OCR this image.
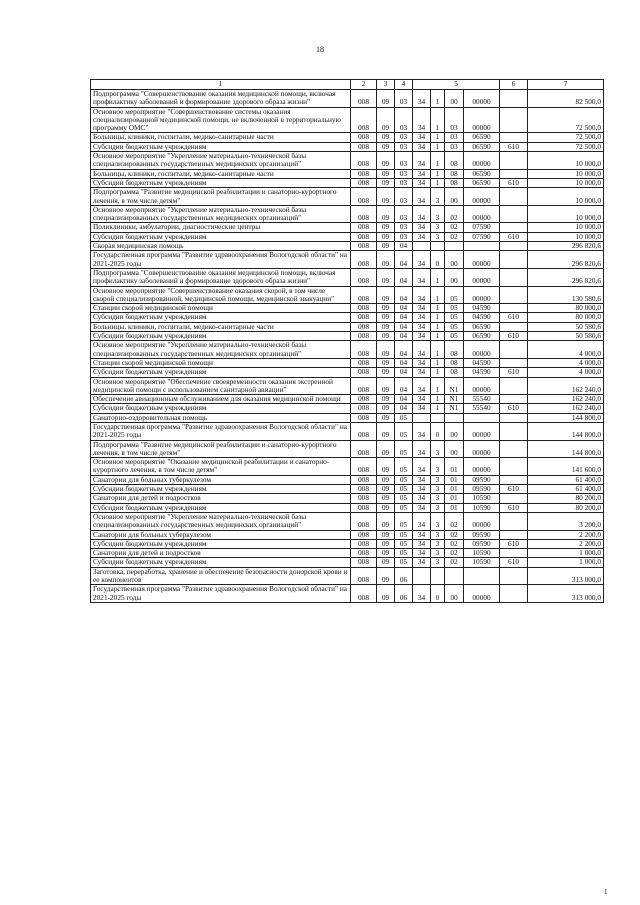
18
1	2	3	4	5				6	7
Подпрограмма "Совершенствование оказания медицинской помощи, включая профилактику заболеваний и формирование здорового образа жизни"	008	09	03	34	1	00	00000		82 500,0
Основное мероприятие "Совершенствование системы оказания специализированной медицинской помощи, не включенной в территориальную программу ОМС"	008	09	03	34	1	03	00000		72 500,0
Больницы, клиники, госпитали, медико-санитарные части	008	09	03	34	1	03	06590		72 500,0
Субсидии бюджетным учреждениям	008	09	03	34	1	03	06590	610	72 500,0
Основное мероприятие "Укрепление материально-технической базы специализированных государственных медицинских организаций"	008	09	03	34	1	08	00000		10 000,0
Больницы, клиники, госпитали, медико-санитарные части	008	09	03	34	1	08	06590		10 000,0
Субсидии бюджетным учреждениям	008	09	03	34	1	08	06590	610	10 000,0
Подпрограмма "Развитие медицинской реабилитации и санаторно-курортного лечения, в том числе детям"	008	09	03	34	3	00	00000		10 000,0
Основное мероприятие "Укрепление материально-технической базы специализированных государственных медицинских организаций"	008	09	03	34	3	02	00000		10 000,0
Поликлиники, амбулатории, диагностические центры	008	09	03	34	3	02	07590		10 000,0
Субсидии бюджетным учреждениям	008	09	03	34	3	02	07590	610	10 000,0
Скорая медицинская помощь	008	09	04						296 820,6
Государственная программа "Развитие здравоохранения Вологодской области" на 2021-2025 годы	008	09	04	34	0	00	00000		296 820,6
Подпрограмма "Совершенствование оказания медицинской помощи, включая профилактику заболеваний и формирование здорового образа жизни"	008	09	04	34	1	00	00000		296 820,6
Основное мероприятие "Совершенствование оказания скорой, в том числе скорой специализированной, медицинской помощи, медицинской эвакуации"	008	09	04	34	1	05	00000		130 580,6
Станции скорой медицинской помощи	008	09	04	34	1	05	04590		80 000,0
Субсидии бюджетным учреждениям	008	09	04	34	1	05	04590	610	80 000,0
Больницы, клиники, госпитали, медико-санитарные части	008	09	04	34	1	05	06590		50 580,6
Субсидии бюджетным учреждениям	008	09	04	34	1	05	06590	610	50 580,6
Основное мероприятие "Укрепление материально-технической базы специализированных государственных медицинских организаций"	008	09	04	34	1	08	00000		4 000,0
Станции скорой медицинской помощи	008	09	04	34	1	08	04590		4 000,0
Субсидии бюджетным учреждениям	008	09	04	34	1	08	04590	610	4 000,0
Основное мероприятие "Обеспечение своевременности оказания экстренной медицинской помощи с использованием санитарной авиации"	008	09	04	34	1	N1	00000		162 240,0
Обеспечение авиационным обслуживанием для оказания медицинской помощи	008	09	04	34	1	N1	55540		162 240,0
Субсидии бюджетным учреждениям	008	09	04	34	1	N1	55540	610	162 240,0
Санаторно-оздоровительная помощь	008	09	05						144 800,0
Государственная программа "Развитие здравоохранения Вологодской области" на 2021-2025 годы	008	09	05	34	0	00	00000		144 800,0
Подпрограмма "Развитие медицинской реабилитации и санаторно-курортного лечения, в том числе детям"	008	09	05	34	3	00	00000		144 800,0
Основное мероприятие "Оказание медицинской реабилитации и санаторно-курортного лечения, в том числе детям"	008	09	05	34	3	01	00000		141 600,0
Санатории для больных туберкулезом	008	09	05	34	3	01	09590		61 400,0
Субсидии бюджетным учреждениям	008	09	05	34	3	01	09590	610	61 400,0
Санатории для детей и подростков	008	09	05	34	3	01	10590		80 200,0
Субсидии бюджетным учреждениям	008	09	05	34	3	01	10590	610	80 200,0
Основное мероприятие "Укрепление материально-технической базы специализированных государственных медицинских организаций"	008	09	05	34	3	02	00000		3 200,0
Санатории для больных туберкулезом	008	09	05	34	3	02	09590		2 200,0
Субсидии бюджетным учреждениям	008	09	05	34	3	02	09590	610	2 200,0
Санатории для детей и подростков	008	09	05	34	3	02	10590		1 000,0
Субсидии бюджетным учреждениям	008	09	05	34	3	02	10590	610	1 000,0
Заготовка, переработка, хранение и обеспечение безопасности донорской крови и ее компонентов	008	09	06						313 000,0
Государственная программа "Развитие здравоохранения Вологодской области" на 2021-2025 годы	008	09	06	34	0	00	00000		313 000,0
1
